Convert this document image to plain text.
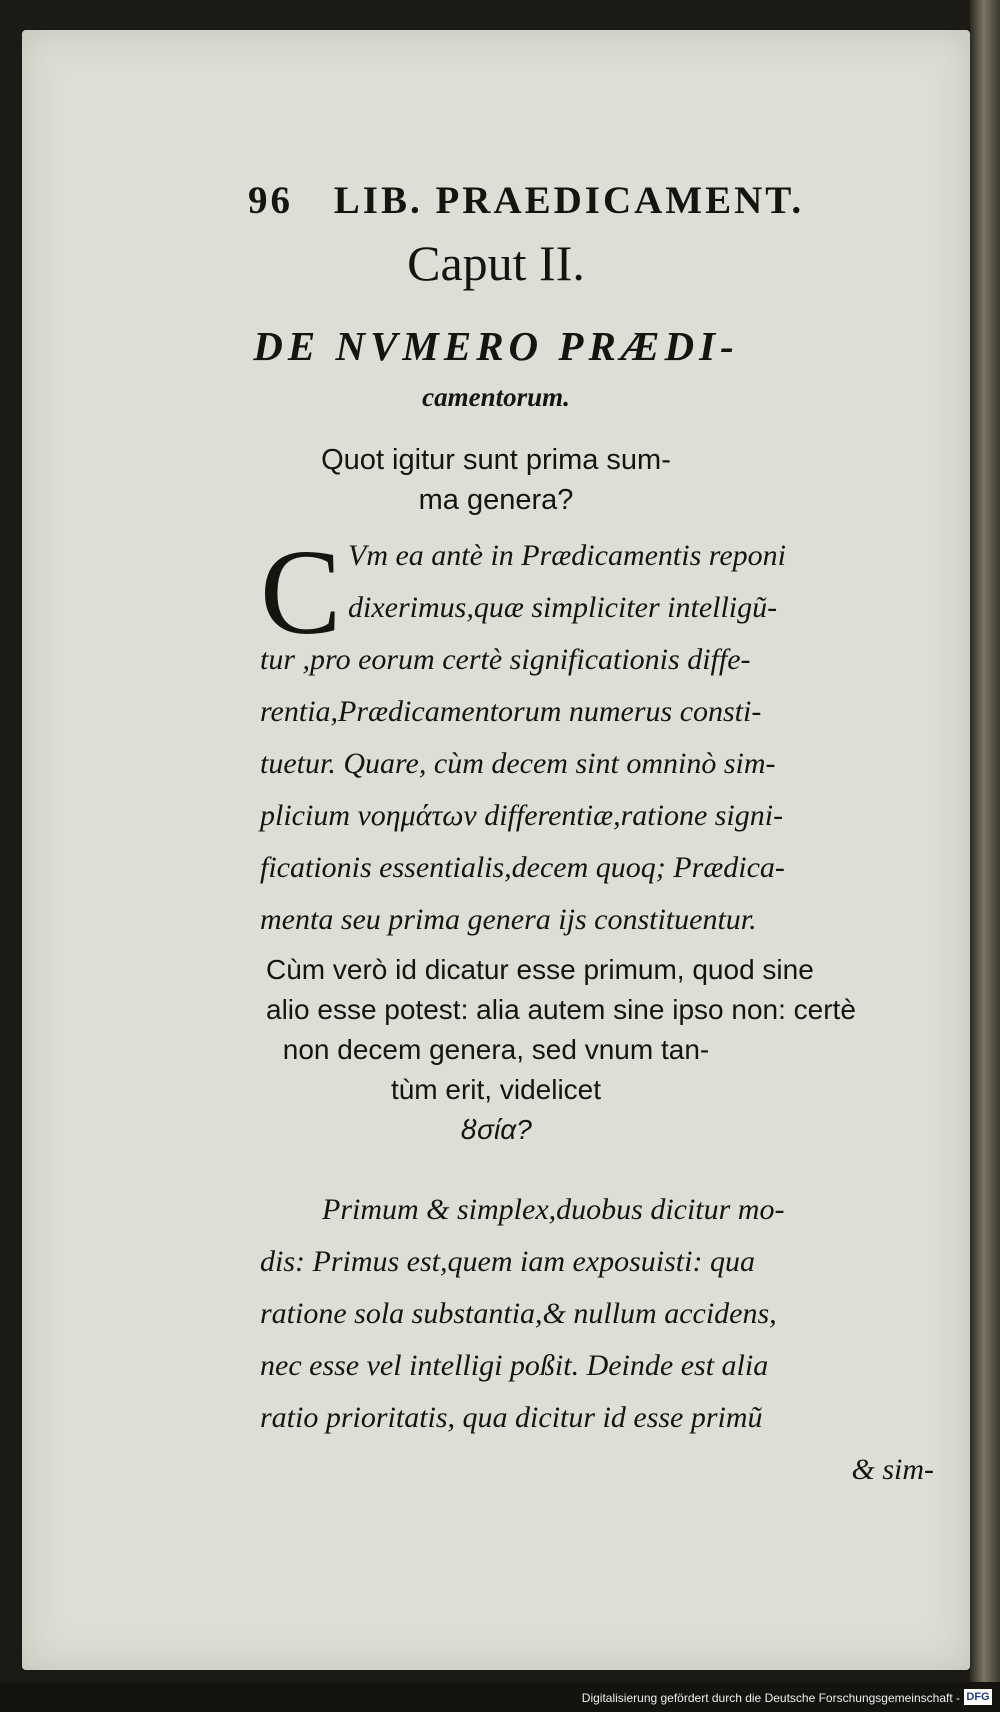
96 LIB. PRAEDICAMENT.
Caput II.
DE NVMERO PRÆDI-
camentorum.
Quot igitur sunt prima sum-
ma genera?
C Vm ea antè in Prædicamentis reponi
dixerimus,quæ simpliciter intelligũ-
tur ,pro eorum certè significationis diffe-
rentia,Prædicamentorum numerus consti-
tuetur. Quare, cùm decem sint omninò sim-
plicium νοημάτων differentiæ,ratione signi-
ficationis essentialis,decem quoq; Prædica-
menta seu prima genera ijs constituentur.
Cùm verò id dicatur esse primum, quod sine
alio esse potest: alia autem sine ipso non: certè
non decem genera, sed vnum tan-
tùm erit, videlicet
ȣσία?
Primum & simplex,duobus dicitur mo-
dis: Primus est,quem iam exposuisti: qua
ratione sola substantia,& nullum accidens,
nec esse vel intelligi poßit. Deinde est alia
ratio prioritatis, qua dicitur id esse primũ
& sim-
Digitalisierung gefördert durch die Deutsche Forschungsgemeinschaft - DFG
